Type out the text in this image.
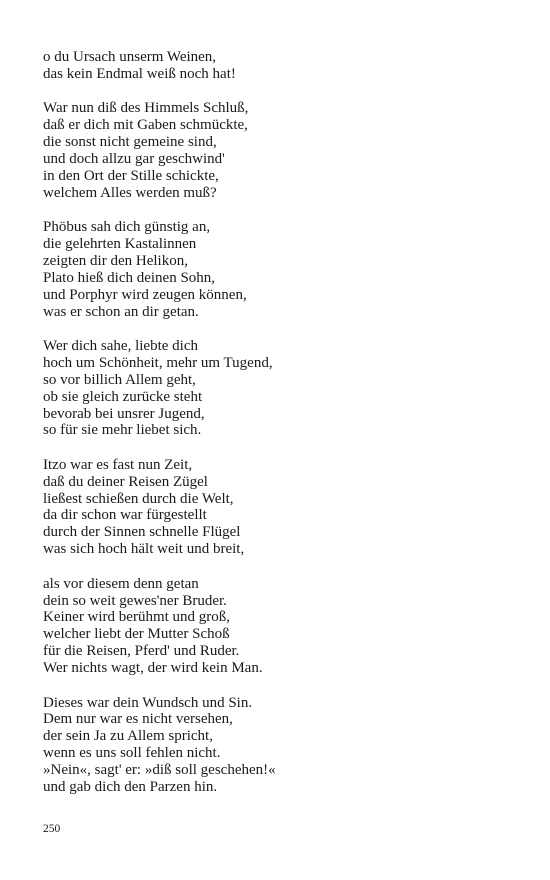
o du Ursach unserm Weinen,
das kein Endmal weiß noch hat!
War nun diß des Himmels Schluß,
daß er dich mit Gaben schmückte,
die sonst nicht gemeine sind,
und doch allzu gar geschwind'
in den Ort der Stille schickte,
welchem Alles werden muß?
Phöbus sah dich günstig an,
die gelehrten Kastalinnen
zeigten dir den Helikon,
Plato hieß dich deinen Sohn,
und Porphyr wird zeugen können,
was er schon an dir getan.
Wer dich sahe, liebte dich
hoch um Schönheit, mehr um Tugend,
so vor billich Allem geht,
ob sie gleich zurücke steht
bevorab bei unsrer Jugend,
so für sie mehr liebet sich.
Itzo war es fast nun Zeit,
daß du deiner Reisen Zügel
ließest schießen durch die Welt,
da dir schon war fürgestellt
durch der Sinnen schnelle Flügel
was sich hoch hält weit und breit,
als vor diesem denn getan
dein so weit gewes'ner Bruder.
Keiner wird berühmt und groß,
welcher liebt der Mutter Schoß
für die Reisen, Pferd' und Ruder.
Wer nichts wagt, der wird kein Man.
Dieses war dein Wundsch und Sin.
Dem nur war es nicht versehen,
der sein Ja zu Allem spricht,
wenn es uns soll fehlen nicht.
»Nein«, sagt' er: »diß soll geschehen!«
und gab dich den Parzen hin.
250
